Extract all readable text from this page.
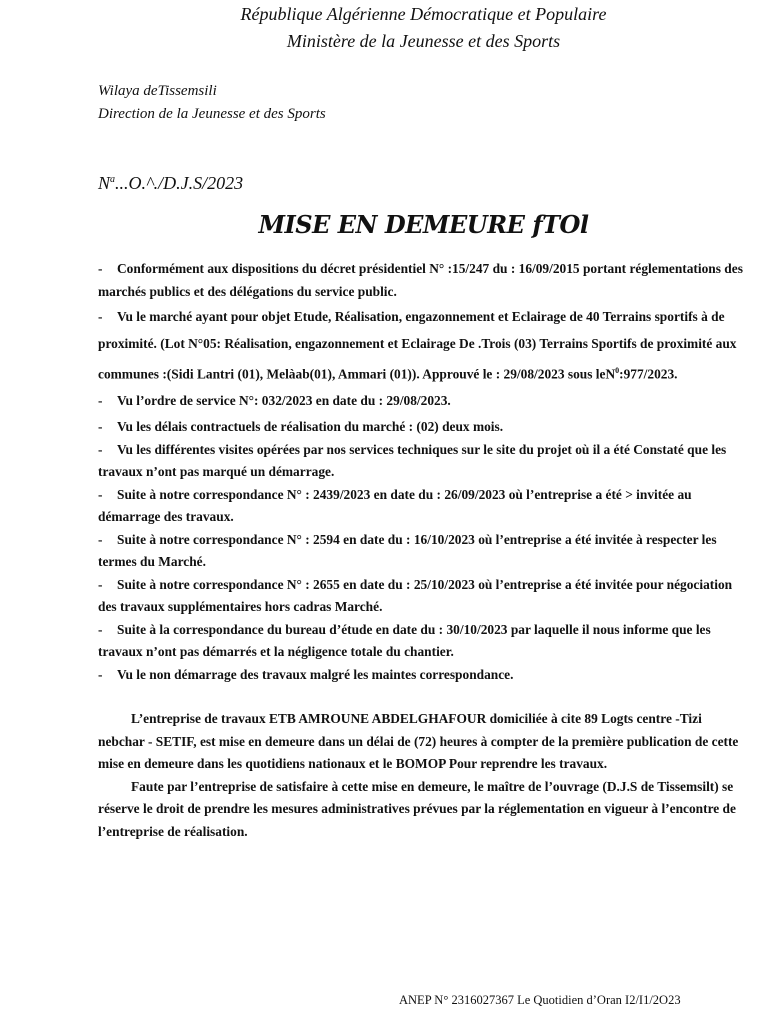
République Algérienne Démocratique et Populaire
Ministère de la Jeunesse et des Sports
Wilaya deTissemsili
Direction de la Jeunesse et des Sports
$N^a...O.\^{}./D.J.S/2023$
MISE EN DEMEURE fTOl

- Conformément aux dispositions du décret présidentiel N° :15/247 du : 16/09/2015 portant réglementations des marchés publics et des délégations du service public.

- Vu le marché ayant pour objet Etude, Réalisation, engazonnement et Eclairage de 40 Terrains sportifs à de proximité. (Lot N°05: Réalisation, engazonnement et Eclairage De .Trois (03) Terrains Sportifs de proximité aux communes :(Sidi Lantri (01), Melàab(01), Ammari (01)). Approuvé le : 29/08/2023 sous leN$^0$:977/2023.

- Vu l’ordre de service N°: 032/2023 en date du : 29/08/2023.

- Vu les délais contractuels de réalisation du marché : (02) deux mois.

- Vu les différentes visites opérées par nos services techniques sur le site du projet où il a été Constaté que les travaux n’ont pas marqué un démarrage.

- Suite à notre correspondance N° : 2439/2023 en date du : 26/09/2023 où l’entreprise a été > invitée au démarrage des travaux.

- Suite à notre correspondance N° : 2594 en date du : 16/10/2023 où l’entreprise a été invitée à respecter les termes du Marché.

- Suite à notre correspondance N° : 2655 en date du : 25/10/2023 où l’entreprise a été invitée pour négociation des travaux supplémentaires hors cadras Marché.

- Suite à la correspondance du bureau d’étude en date du : 30/10/2023 par laquelle il nous informe que les travaux n’ont pas démarrés et la négligence totale du chantier.

- Vu le non démarrage des travaux malgré les maintes correspondance.

L’entreprise de travaux ETB AMROUNE ABDELGHAFOUR domiciliée à cite 89 Logts centre -Tizi nebchar - SETIF, est mise en demeure dans un délai de (72) heures à compter de la première publication de cette mise en demeure dans les quotidiens nationaux et le BOMOP Pour reprendre les travaux.

Faute par l’entreprise de satisfaire à cette mise en demeure, le maître de l’ouvrage (D.J.S de Tissemsilt) se réserve le droit de prendre les mesures administratives prévues par la réglementation en vigueur à l’encontre de l’entreprise de réalisation.

ANEP N° 2316027367 Le Quotidien d’Oran I2/I1/2O23
